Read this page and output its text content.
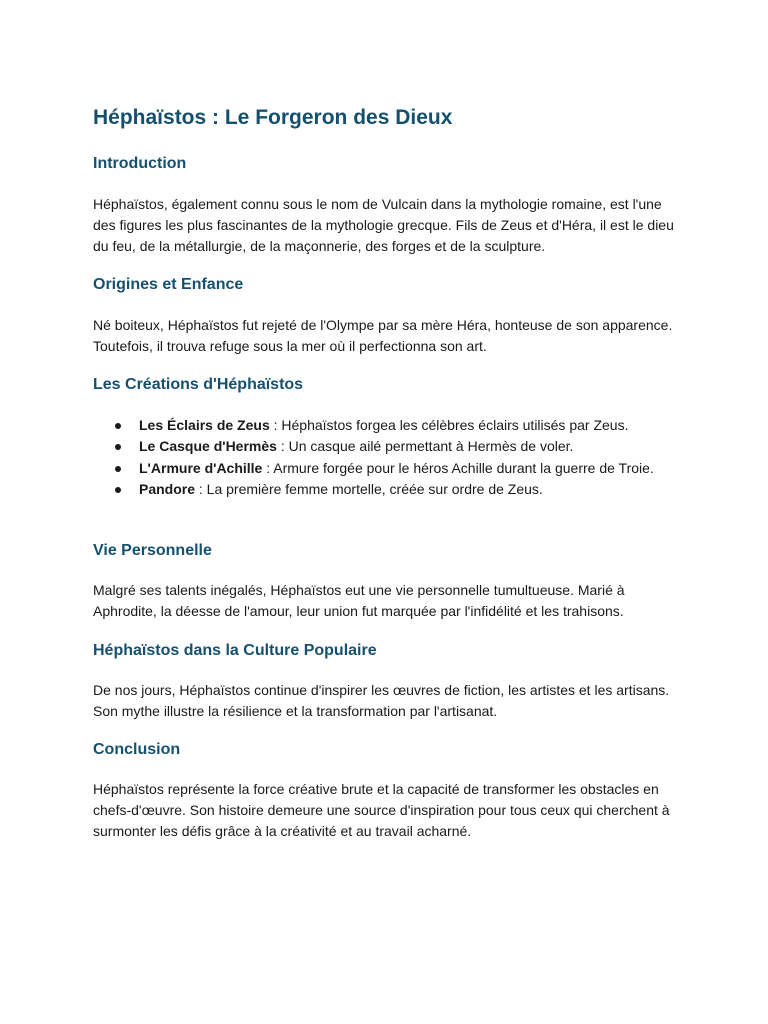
Héphaïstos : Le Forgeron des Dieux
Introduction

Héphaïstos, également connu sous le nom de Vulcain dans la mythologie romaine, est l'une des figures les plus fascinantes de la mythologie grecque. Fils de Zeus et d'Héra, il est le dieu du feu, de la métallurgie, de la maçonnerie, des forges et de la sculpture.

Origines et Enfance

Né boiteux, Héphaïstos fut rejeté de l'Olympe par sa mère Héra, honteuse de son apparence. Toutefois, il trouva refuge sous la mer où il perfectionna son art.

Les Créations d'Héphaïstos
Les Éclairs de Zeus : Héphaïstos forgea les célèbres éclairs utilisés par Zeus.
Le Casque d'Hermès : Un casque ailé permettant à Hermès de voler.
L'Armure d'Achille : Armure forgée pour le héros Achille durant la guerre de Troie.
Pandore : La première femme mortelle, créée sur ordre de Zeus.
Vie Personnelle

Malgré ses talents inégalés, Héphaïstos eut une vie personnelle tumultueuse. Marié à Aphrodite, la déesse de l'amour, leur union fut marquée par l'infidélité et les trahisons.

Héphaïstos dans la Culture Populaire

De nos jours, Héphaïstos continue d'inspirer les œuvres de fiction, les artistes et les artisans. Son mythe illustre la résilience et la transformation par l'artisanat.

Conclusion

Héphaïstos représente la force créative brute et la capacité de transformer les obstacles en chefs-d'œuvre. Son histoire demeure une source d'inspiration pour tous ceux qui cherchent à surmonter les défis grâce à la créativité et au travail acharné.
